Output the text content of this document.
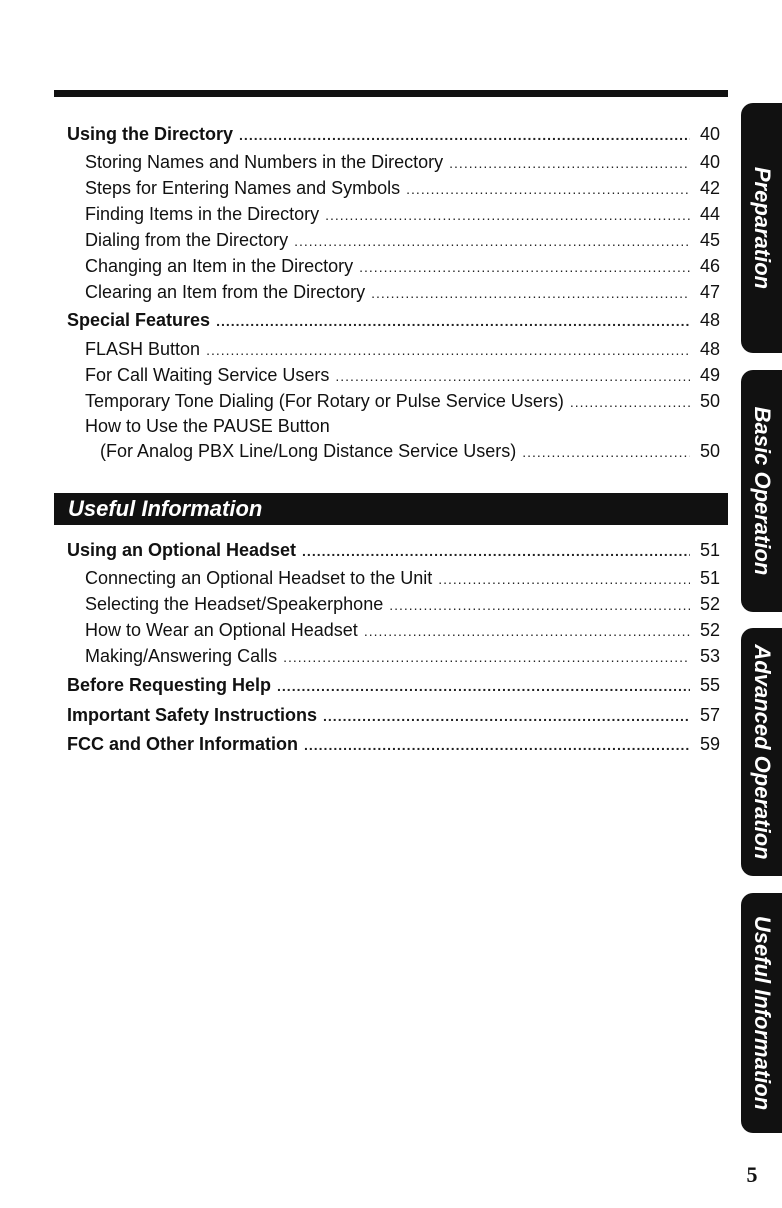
Using the Directory .....	40
Storing Names and Numbers in the Directory .....	40
Steps for Entering Names and Symbols .....	42
Finding Items in the Directory .....	44
Dialing from the Directory .....	45
Changing an Item in the Directory .....	46
Clearing an Item from the Directory .....	47
Special Features .....	48
FLASH Button .....	48
For Call Waiting Service Users .....	49
Temporary Tone Dialing (For Rotary or Pulse Service Users) .....	50
How to Use the PAUSE Button
(For Analog PBX Line/Long Distance Service Users) .....	50
Useful Information
Using an Optional Headset .....	51
Connecting an Optional Headset to the Unit .....	51
Selecting the Headset/Speakerphone .....	52
How to Wear an Optional Headset .....	52
Making/Answering Calls .....	53
Before Requesting Help .....	55
Important Safety Instructions .....	57
FCC and Other Information .....	59
Preparation
Basic Operation
Advanced Operation
Useful Information
5
